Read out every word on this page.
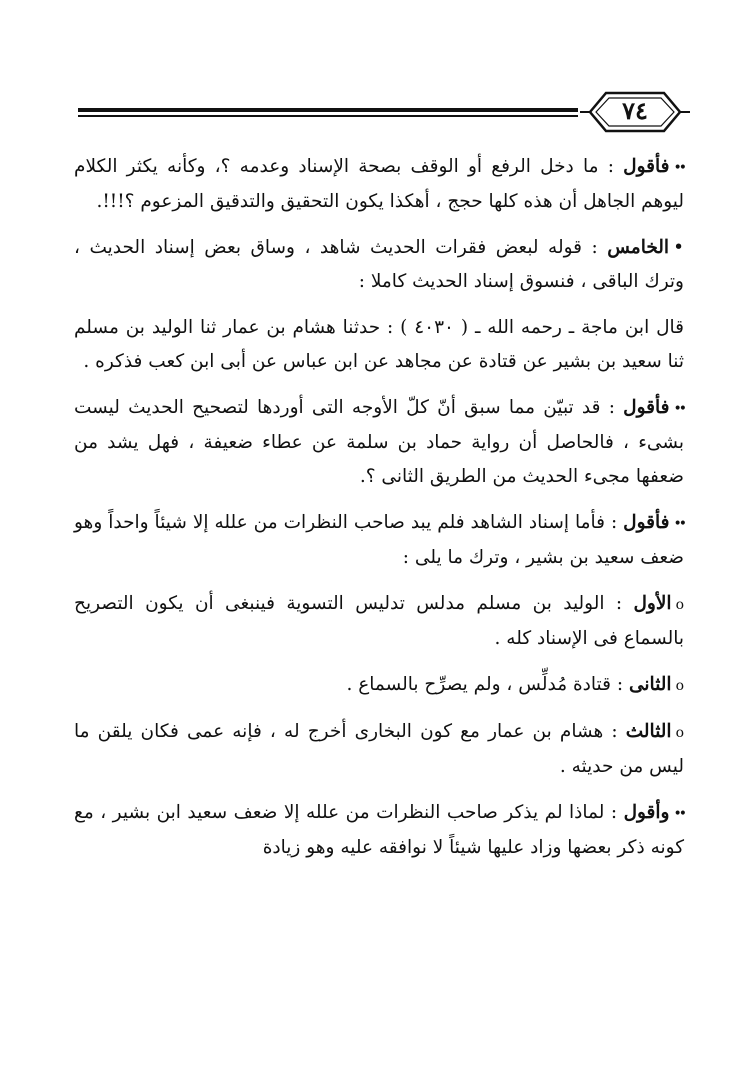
٧٤

••فأقول : ما دخل الرفع أو الوقف بصحة الإسناد وعدمه ؟، وكأنه يكثر الكلام ليوهم الجاهل أن هذه كلها حجج ، أهكذا يكون التحقيق والتدقيق المزعوم ؟!!!.

•الخامس : قوله لبعض فقرات الحديث شاهد ، وساق بعض إسناد الحديث ، وترك الباقى ، فنسوق إسناد الحديث كاملا :

قال ابن ماجة ـ رحمه الله ـ ( ٤٠٣٠ ) : حدثنا هشام بن عمار ثنا الوليد بن مسلم ثنا سعيد بن بشير عن قتادة عن مجاهد عن ابن عباس عن أبى ابن كعب فذكره .

••فأقول : قد تبيّن مما سبق أنّ كلّ الأوجه التى أوردها لتصحيح الحديث ليست بشىء ، فالحاصل أن رواية حماد بن سلمة عن عطاء ضعيفة ، فهل يشد من ضعفها مجىء الحديث من الطريق الثانى ؟.

••فأقول : فأما إسناد الشاهد فلم يبد صاحب النظرات من علله إلا شيئاً واحداً وهو ضعف سعيد بن بشير ، وترك ما يلى :

oالأول : الوليد بن مسلم مدلس تدليس التسوية فينبغى أن يكون التصريح بالسماع فى الإسناد كله .

oالثانى : قتادة مُدلِّس ، ولم يصرِّح بالسماع .

oالثالث : هشام بن عمار مع كون البخارى أخرج له ، فإنه عمى فكان يلقن ما ليس من حديثه .

••وأقول : لماذا لم يذكر صاحب النظرات من علله إلا ضعف سعيد ابن بشير ، مع كونه ذكر بعضها وزاد عليها شيئاً لا نوافقه عليه وهو زيادة
